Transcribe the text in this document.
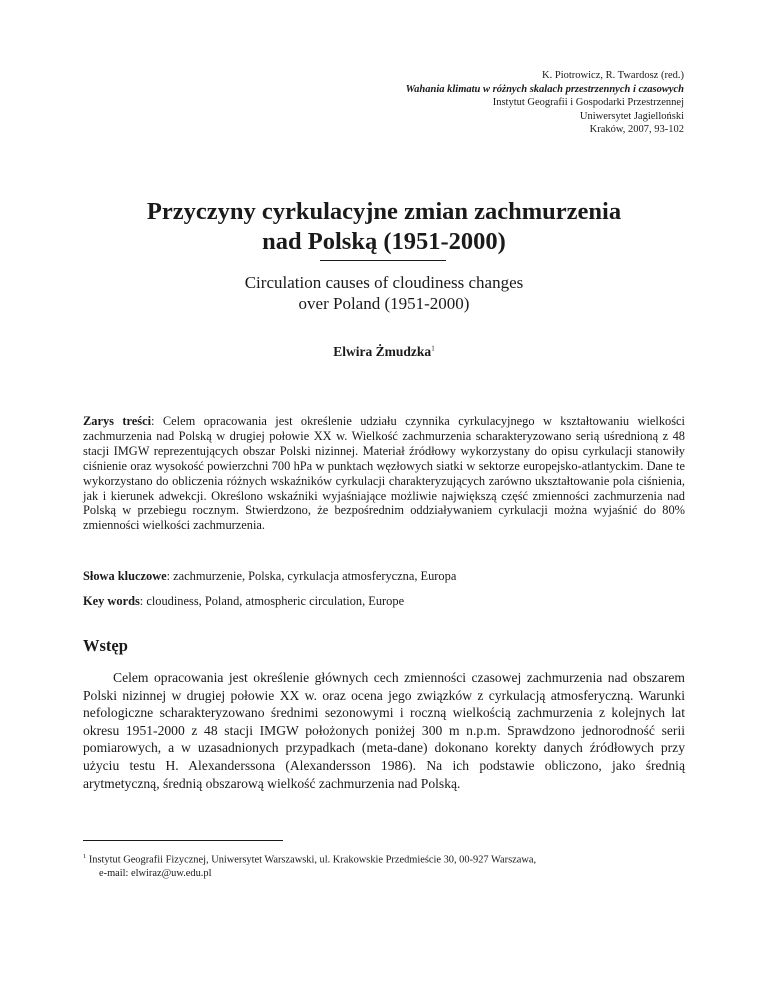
K. Piotrowicz, R. Twardosz (red.)
Wahania klimatu w różnych skalach przestrzennych i czasowych
Instytut Geografii i Gospodarki Przestrzennej
Uniwersytet Jagielloński
Kraków, 2007, 93-102
Przyczyny cyrkulacyjne zmian zachmurzenia
nad Polską (1951-2000)
Circulation causes of cloudiness changes
over Poland (1951-2000)
Elwira Żmudzka$^1$
Zarys treści: Celem opracowania jest określenie udziału czynnika cyrkulacyjnego w kształtowaniu wielkości zachmurzenia nad Polską w drugiej połowie XX w. Wielkość zachmurzenia scharakteryzowano serią uśrednioną z 48 stacji IMGW reprezentujących obszar Polski nizinnej. Materiał źródłowy wykorzystany do opisu cyrkulacji stanowiły ciśnienie oraz wysokość powierzchni 700 hPa w punktach węzłowych siatki w sektorze europejsko-atlantyckim. Dane te wykorzystano do obliczenia różnych wskaźników cyrkulacji charakteryzujących zarówno ukształtowanie pola ciśnienia, jak i kierunek adwekcji. Określono wskaźniki wyjaśniające możliwie największą część zmienności zachmurzenia nad Polską w przebiegu rocznym. Stwierdzono, że bezpośrednim oddziaływaniem cyrkulacji można wyjaśnić do 80% zmienności wielkości zachmurzenia.
Słowa kluczowe: zachmurzenie, Polska, cyrkulacja atmosferyczna, Europa
Key words: cloudiness, Poland, atmospheric circulation, Europe
Wstęp
Celem opracowania jest określenie głównych cech zmienności czasowej zachmurzenia nad obszarem Polski nizinnej w drugiej połowie XX w. oraz ocena jego związków z cyrkulacją atmosferyczną. Warunki nefologiczne scharakteryzowano średnimi sezonowymi i roczną wielkością zachmurzenia z kolejnych lat okresu 1951-2000 z 48 stacji IMGW położonych poniżej 300 m n.p.m. Sprawdzono jednorodność serii pomiarowych, a w uzasadnionych przypadkach (meta-dane) dokonano korekty danych źródłowych przy użyciu testu H. Alexanderssona (Alexandersson 1986). Na ich podstawie obliczono, jako średnią arytmetyczną, średnią obszarową wielkość zachmurzenia nad Polską.
$^1$ Instytut Geografii Fizycznej, Uniwersytet Warszawski, ul. Krakowskie Przedmieście 30, 00-927 Warszawa,
e-mail: elwiraz@uw.edu.pl
